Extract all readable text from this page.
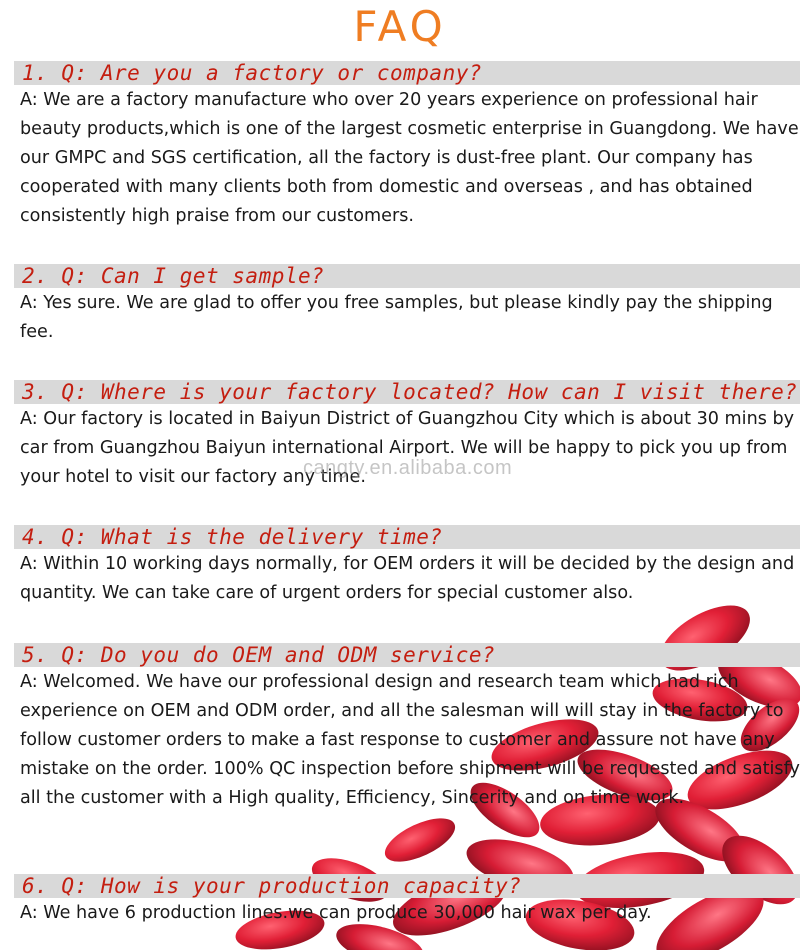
FAQ
1. Q: Are you a factory or company?
A: We are a factory manufacture who over 20 years experience on professional hair beauty products,which is one of the largest cosmetic enterprise in Guangdong. We have our GMPC and SGS certification, all the factory is dust-free plant. Our company has cooperated with many clients both from domestic and overseas , and has obtained consistently high praise from our customers.
2. Q: Can I get sample?
A: Yes sure. We are glad to offer you free samples, but please kindly pay the shipping fee.
3. Q: Where is your factory located? How can I visit there?
A: Our factory is located in Baiyun District of Guangzhou City which is about 30 mins by car from Guangzhou Baiyun international Airport. We will be happy to pick you up from your hotel to visit our factory any time.
4. Q: What is the delivery time?
A: Within 10 working days normally, for OEM orders it will be decided by the design and quantity. We can take care of urgent orders for special customer also.
5. Q: Do you do OEM and ODM service?
A: Welcomed. We have our professional design and research team which had rich experience on OEM and ODM order, and all the salesman will will stay in the factory to follow customer orders to make a fast response to customer and assure not have any mistake on the order. 100% QC inspection before shipment will be requested and satisfy all the customer with a High quality, Efficiency, Sincerity and on time work.
6. Q: How is your production capacity?
A: We have 6 production lines.we can produce 30,000 hair wax per day.
cangty.en.alibaba.com
